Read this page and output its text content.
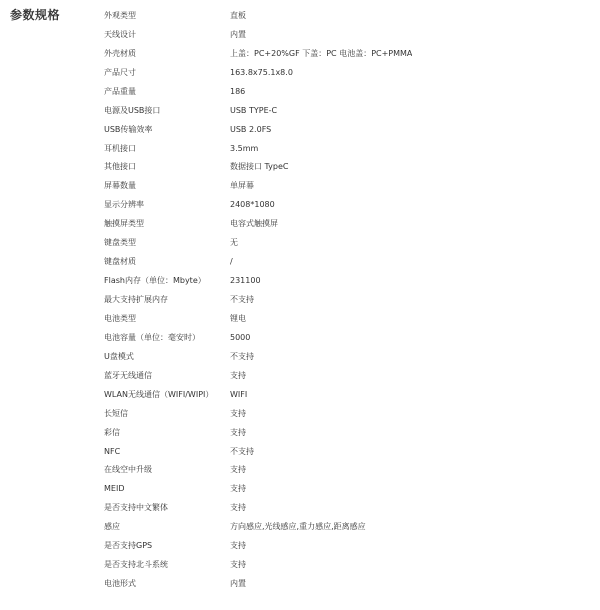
参数规格	外观类型	直板
天线设计	内置
外壳材质	上盖：PC+20%GF 下盖：PC 电池盖：PC+PMMA
产品尺寸	163.8x75.1x8.0
产品重量	186
电源及USB接口	USB TYPE-C
USB传输效率	USB 2.0FS
耳机接口	3.5mm
其他接口	数据接口 TypeC
屏幕数量	单屏幕
显示分辨率	2408*1080
触摸屏类型	电容式触摸屏
键盘类型	无
键盘材质	/
Flash内存（单位：Mbyte）	231100
最大支持扩展内存	不支持
电池类型	锂电
电池容量（单位：毫安时）	5000
U盘模式	不支持
蓝牙无线通信	支持
WLAN无线通信（WIFI/WIPI）	WIFI
长短信	支持
彩信	支持
NFC	不支持
在线空中升级	支持
MEID	支持
是否支持中文繁体	支持
感应	方向感应,光线感应,重力感应,距离感应
是否支持GPS	支持
是否支持北斗系统	支持
电池形式	内置
